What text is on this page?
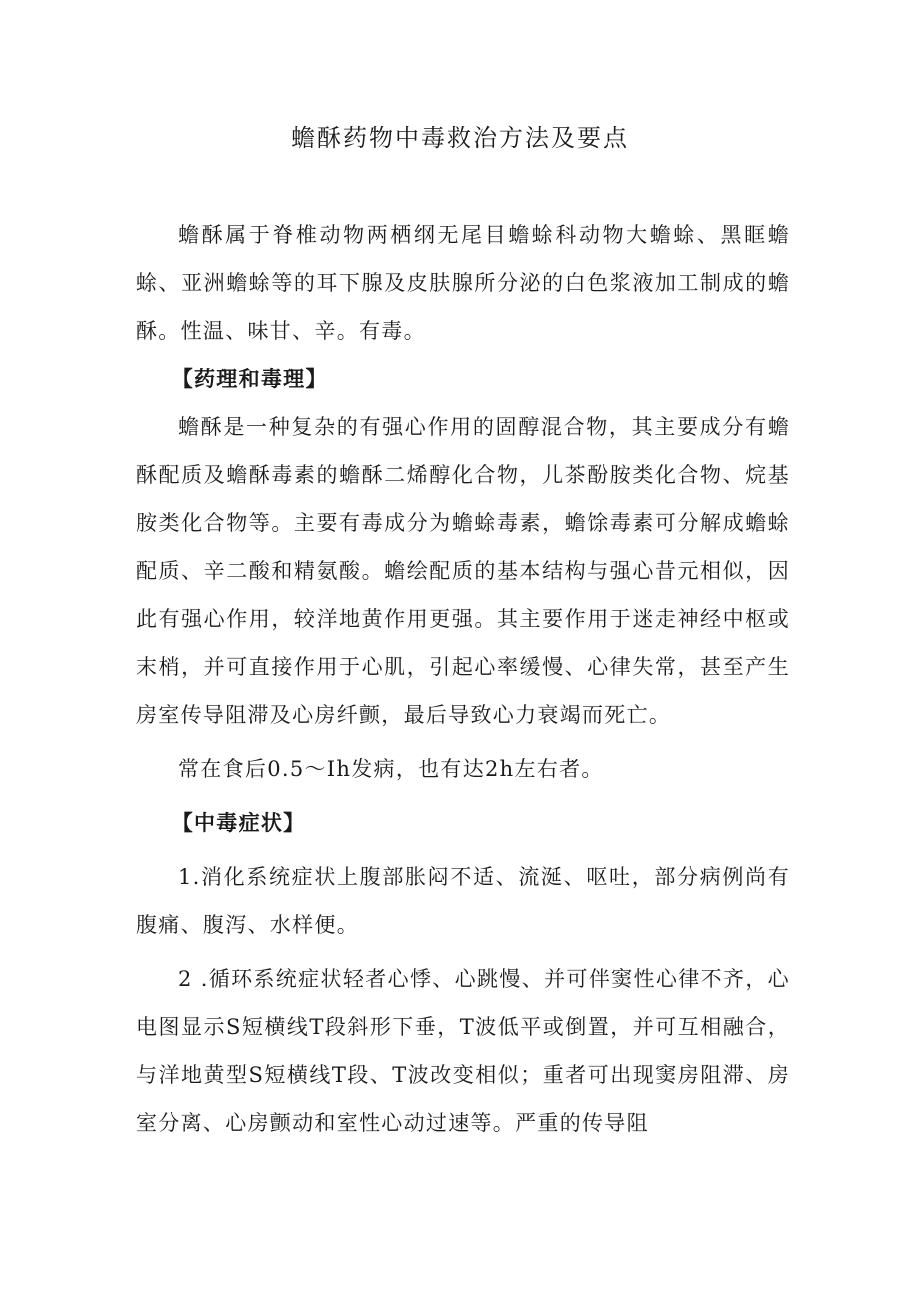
蟾酥药物中毒救治方法及要点

蟾酥属于脊椎动物两栖纲无尾目蟾蜍科动物大蟾蜍、黑眶蟾蜍、亚洲蟾蜍等的耳下腺及皮肤腺所分泌的白色浆液加工制成的蟾酥。性温、味甘、辛。有毒。

【药理和毒理】

蟾酥是一种复杂的有强心作用的固醇混合物，其主要成分有蟾酥配质及蟾酥毒素的蟾酥二烯醇化合物，儿茶酚胺类化合物、烷基胺类化合物等。主要有毒成分为蟾蜍毒素，蟾馀毒素可分解成蟾蜍配质、辛二酸和精氨酸。蟾绘配质的基本结构与强心昔元相似，因此有强心作用，较洋地黄作用更强。其主要作用于迷走神经中枢或末梢，并可直接作用于心肌，引起心率缓慢、心律失常，甚至产生房室传导阻滞及心房纤颤，最后导致心力衰竭而死亡。

常在食后0.5～Ih发病，也有达2h左右者。

【中毒症状】

1.消化系统症状上腹部胀闷不适、流涎、呕吐，部分病例尚有腹痛、腹泻、水样便。

2 .循环系统症状轻者心悸、心跳慢、并可伴窦性心律不齐，心电图显示S短横线T段斜形下垂，T波低平或倒置，并可互相融合，与洋地黄型S短横线T段、T波改变相似；重者可出现窦房阻滞、房室分离、心房颤动和室性心动过速等。严重的传导阻
